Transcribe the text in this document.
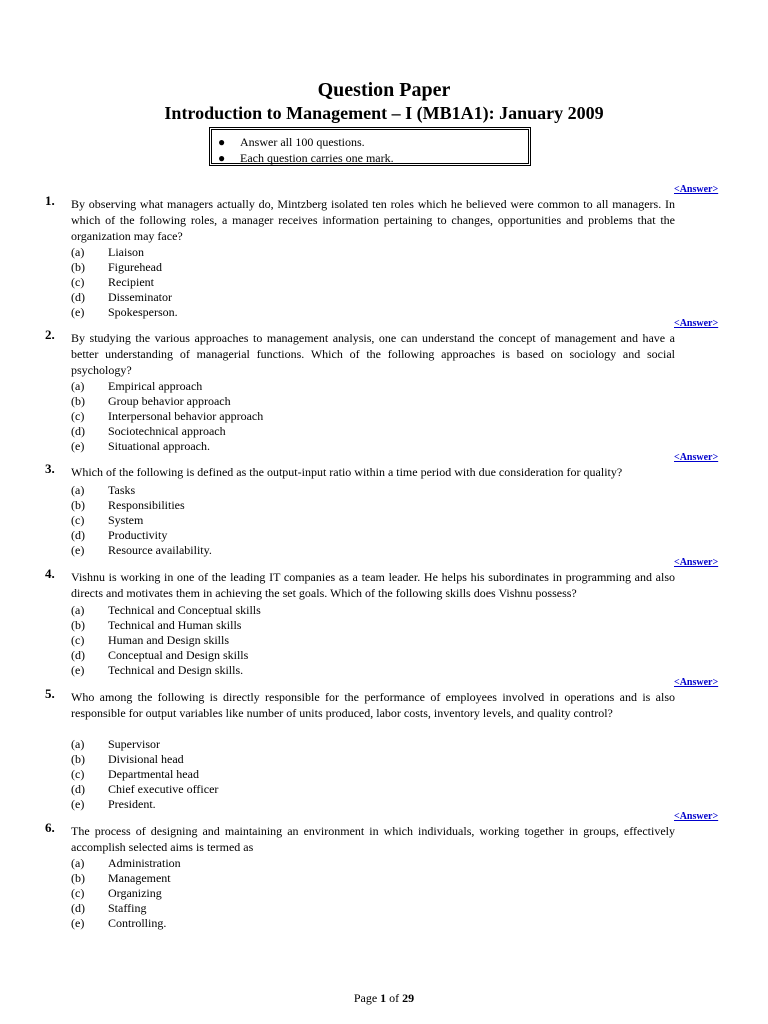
Question Paper
Introduction to Management – I (MB1A1): January 2009
● Answer all 100 questions.
● Each question carries one mark.
1.
<Answer>

By observing what managers actually do, Mintzberg isolated ten roles which he believed were common to all managers. In which of the following roles, a manager receives information pertaining to changes, opportunities and problems that the organization may face?

(a) Liaison
(b) Figurehead
(c) Recipient
(d) Disseminator
(e) Spokesperson.
2.
<Answer>

By studying the various approaches to management analysis, one can understand the concept of management and have a better understanding of managerial functions. Which of the following approaches is based on sociology and social psychology?

(a) Empirical approach
(b) Group behavior approach
(c) Interpersonal behavior approach
(d) Sociotechnical approach
(e) Situational approach.
3.
<Answer>

Which of the following is defined as the output-input ratio within a time period with due consideration for quality?

(a) Tasks
(b) Responsibilities
(c) System
(d) Productivity
(e) Resource availability.
4.
<Answer>

Vishnu is working in one of the leading IT companies as a team leader. He helps his subordinates in programming and also directs and motivates them in achieving the set goals. Which of the following skills does Vishnu possess?

(a) Technical and Conceptual skills
(b) Technical and Human skills
(c) Human and Design skills
(d) Conceptual and Design skills
(e) Technical and Design skills.
5.
<Answer>

Who among the following is directly responsible for the performance of employees involved in operations and is also responsible for output variables like number of units produced, labor costs, inventory levels, and quality control?

(a) Supervisor
(b) Divisional head
(c) Departmental head
(d) Chief executive officer
(e) President.
6.
<Answer>

The process of designing and maintaining an environment in which individuals, working together in groups, effectively accomplish selected aims is termed as

(a) Administration
(b) Management
(c) Organizing
(d) Staffing
(e) Controlling.
Page 1 of 29
